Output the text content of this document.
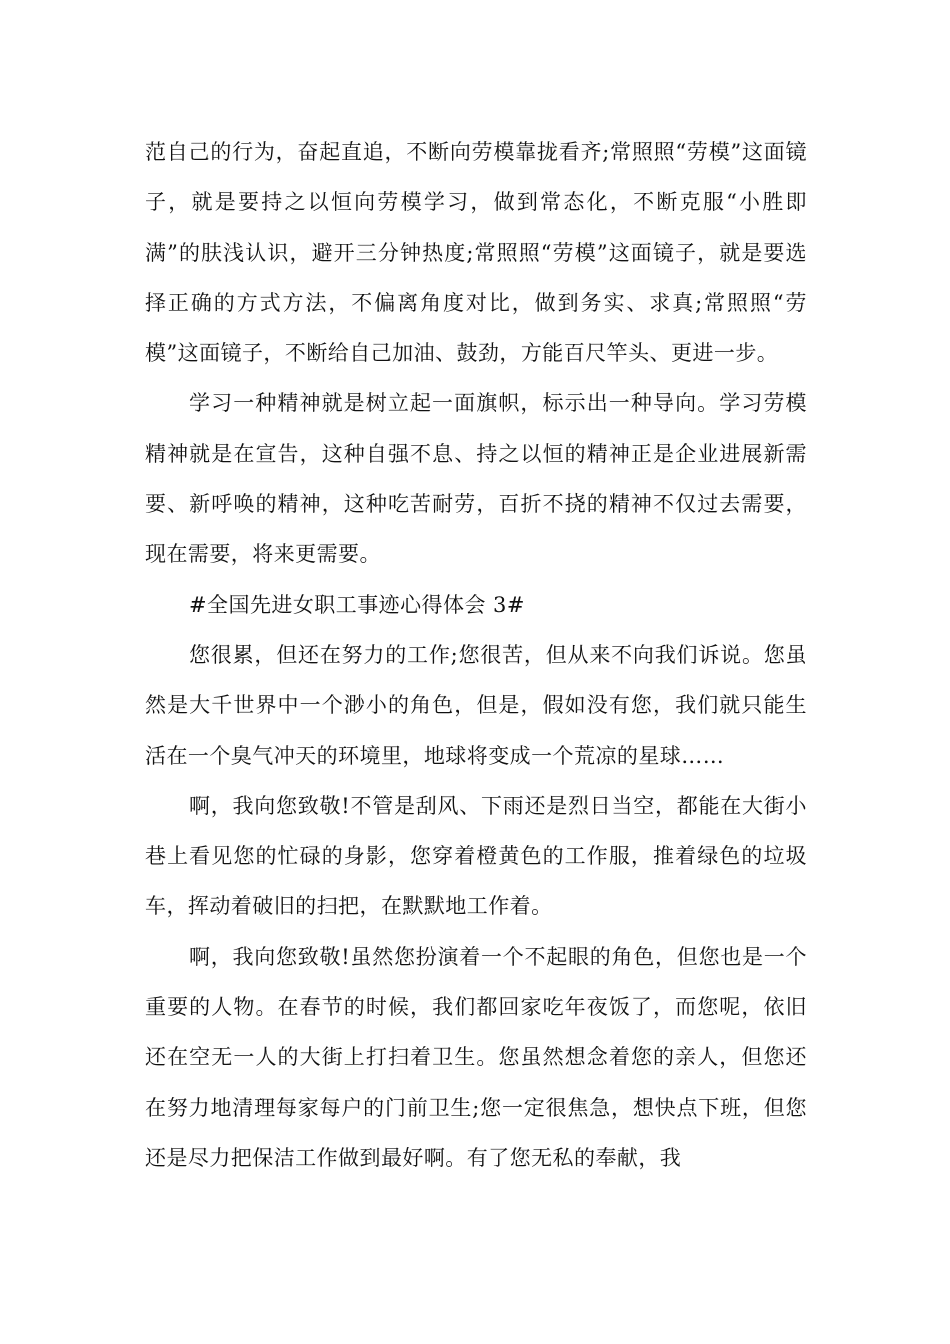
范自己的行为，奋起直追，不断向劳模靠拢看齐;常照照“劳模”这面镜子，就是要持之以恒向劳模学习，做到常态化，不断克服“小胜即满”的肤浅认识，避开三分钟热度;常照照“劳模”这面镜子，就是要选择正确的方式方法，不偏离角度对比，做到务实、求真;常照照“劳模”这面镜子，不断给自己加油、鼓劲，方能百尺竿头、更进一步。

学习一种精神就是树立起一面旗帜，标示出一种导向。学习劳模精神就是在宣告，这种自强不息、持之以恒的精神正是企业进展新需要、新呼唤的精神，这种吃苦耐劳，百折不挠的精神不仅过去需要，现在需要，将来更需要。

#全国先进女职工事迹心得体会 3#

您很累，但还在努力的工作;您很苦，但从来不向我们诉说。您虽然是大千世界中一个渺小的角色，但是，假如没有您，我们就只能生活在一个臭气冲天的环境里，地球将变成一个荒凉的星球……

啊，我向您致敬!不管是刮风、下雨还是烈日当空，都能在大街小巷上看见您的忙碌的身影，您穿着橙黄色的工作服，推着绿色的垃圾车，挥动着破旧的扫把，在默默地工作着。

啊，我向您致敬!虽然您扮演着一个不起眼的角色，但您也是一个重要的人物。在春节的时候，我们都回家吃年夜饭了，而您呢，依旧还在空无一人的大街上打扫着卫生。您虽然想念着您的亲人，但您还在努力地清理每家每户的门前卫生;您一定很焦急，想快点下班，但您还是尽力把保洁工作做到最好啊。有了您无私的奉献，我
